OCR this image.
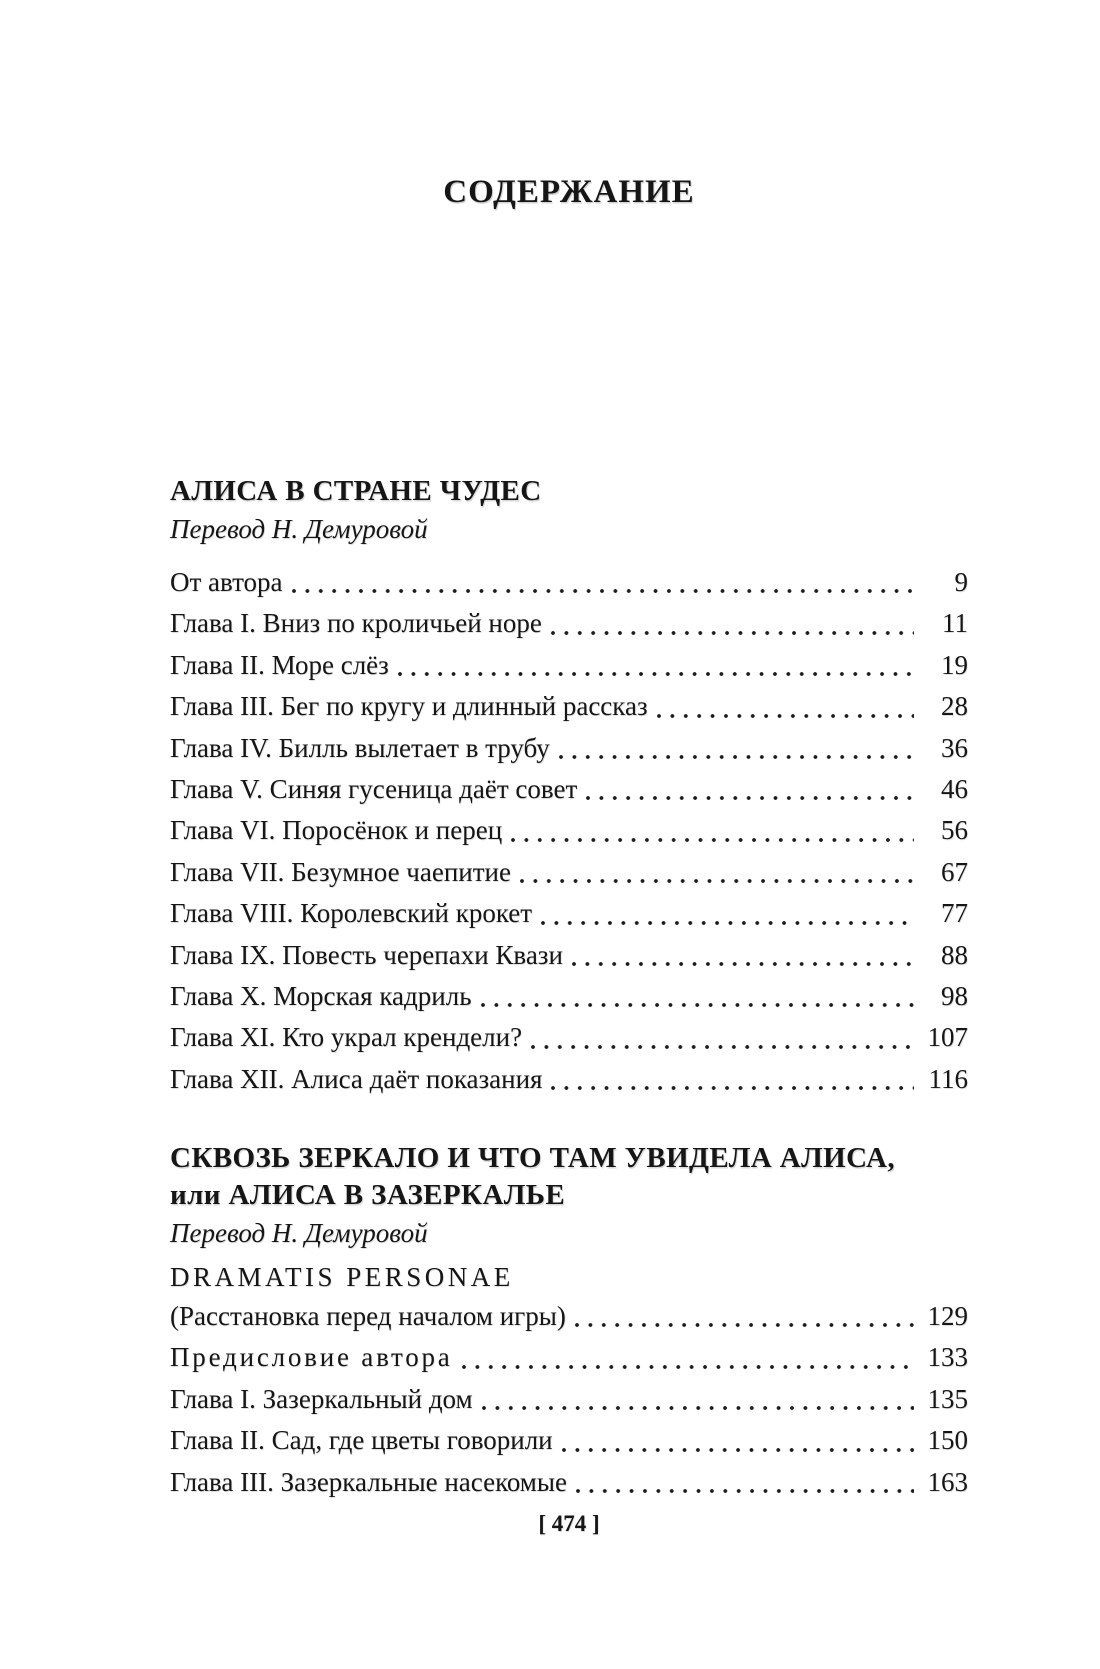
СОДЕРЖАНИЕ
АЛИСА В СТРАНЕ ЧУДЕС
Перевод Н. Демуровой
От автора	9
Глава I. Вниз по кроличьей норе	11
Глава II. Море слёз	19
Глава III. Бег по кругу и длинный рассказ	28
Глава IV. Билль вылетает в трубу	36
Глава V. Синяя гусеница даёт совет	46
Глава VI. Поросёнок и перец	56
Глава VII. Безумное чаепитие	67
Глава VIII. Королевский крокет	77
Глава IX. Повесть черепахи Квази	88
Глава X. Морская кадриль	98
Глава XI. Кто украл крендели?	107
Глава XII. Алиса даёт показания	116
СКВОЗЬ ЗЕРКАЛО И ЧТО ТАМ УВИДЕЛА АЛИСА,
или АЛИСА В ЗАЗЕРКАЛЬЕ
Перевод Н. Демуровой
DRAMATIS PERSONAE
(Расстановка перед началом игры)	129
Предисловие автора	133
Глава I. Зазеркальный дом	135
Глава II. Сад, где цветы говорили	150
Глава III. Зазеркальные насекомые	163
[ 474 ]
